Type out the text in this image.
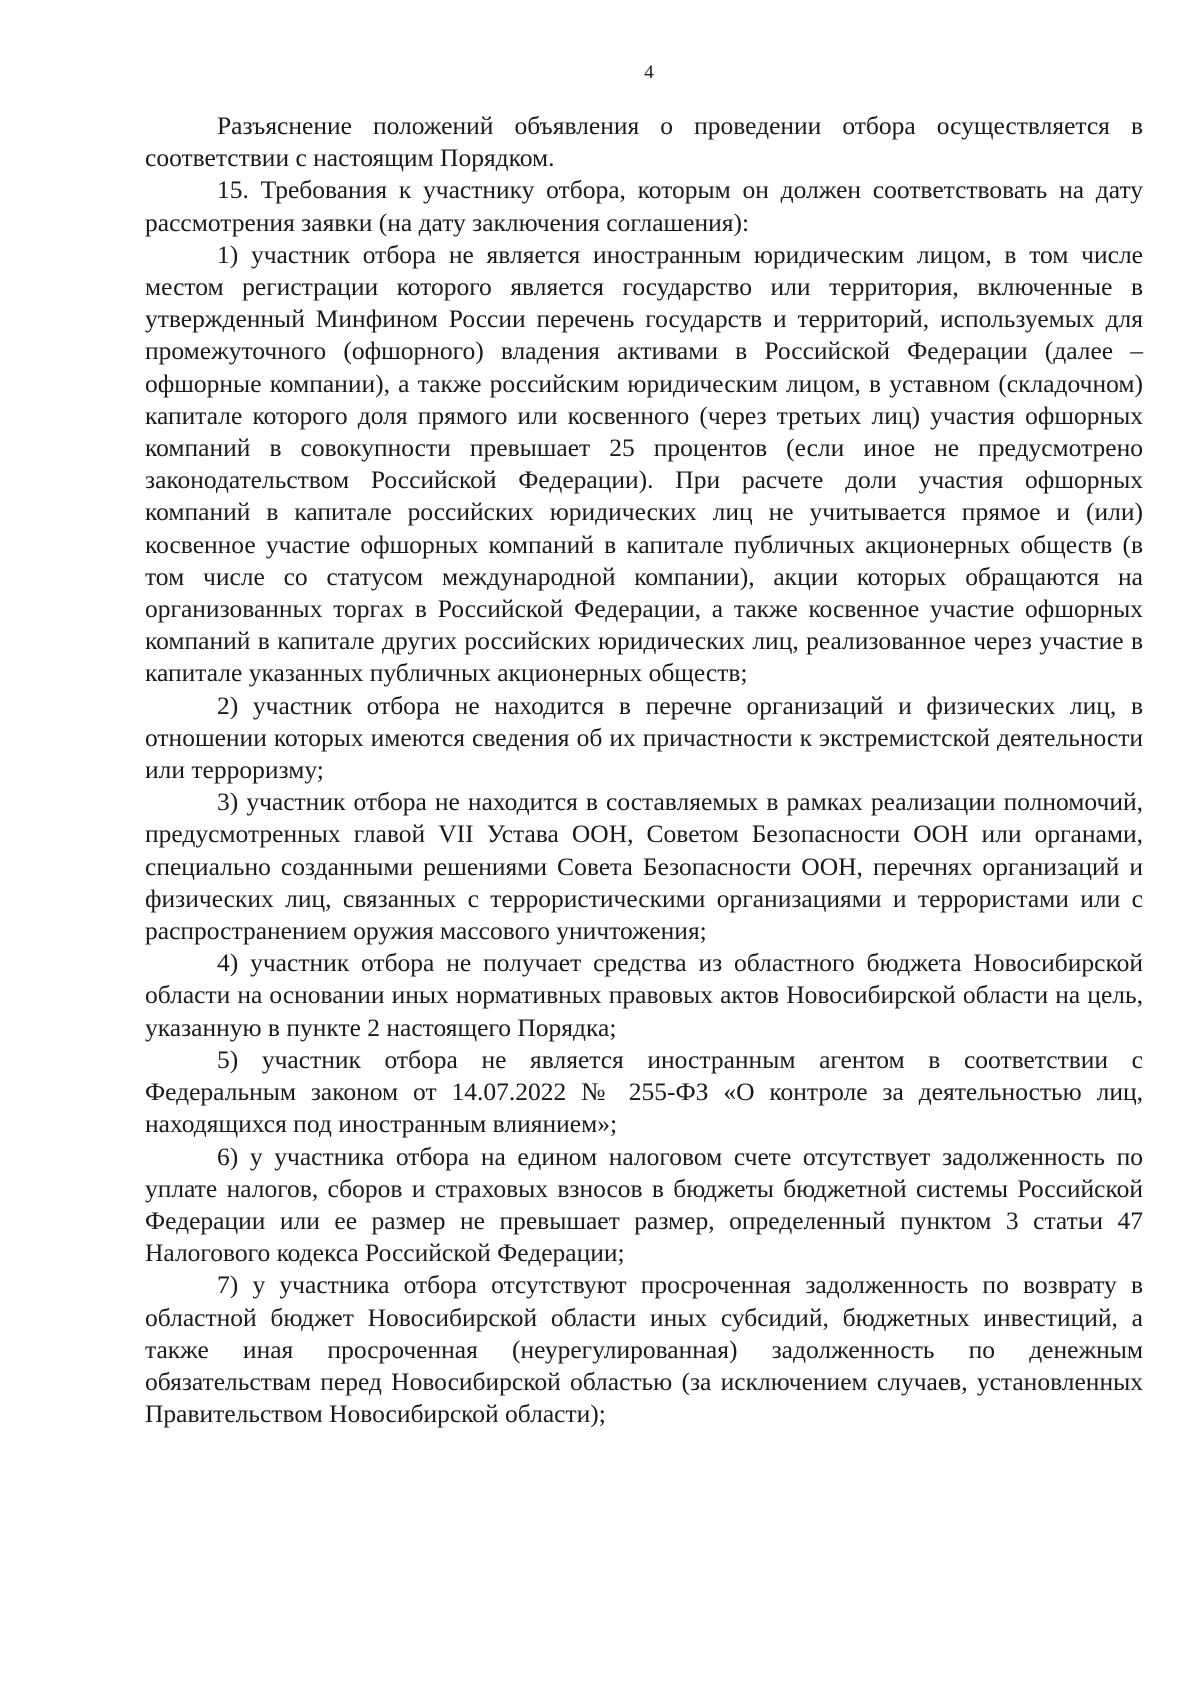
4

Разъяснение положений объявления о проведении отбора осуществляется в соответствии с настоящим Порядком.

15. Требования к участнику отбора, которым он должен соответствовать на дату рассмотрения заявки (на дату заключения соглашения):

1) участник отбора не является иностранным юридическим лицом, в том числе местом регистрации которого является государство или территория, включенные в утвержденный Минфином России перечень государств и территорий, используемых для промежуточного (офшорного) владения активами в Российской Федерации (далее – офшорные компании), а также российским юридическим лицом, в уставном (складочном) капитале которого доля прямого или косвенного (через третьих лиц) участия офшорных компаний в совокупности превышает 25 процентов (если иное не предусмотрено законодательством Российской Федерации). При расчете доли участия офшорных компаний в капитале российских юридических лиц не учитывается прямое и (или) косвенное участие офшорных компаний в капитале публичных акционерных обществ (в том числе со статусом международной компании), акции которых обращаются на организованных торгах в Российской Федерации, а также косвенное участие офшорных компаний в капитале других российских юридических лиц, реализованное через участие в капитале указанных публичных акционерных обществ;

2) участник отбора не находится в перечне организаций и физических лиц, в отношении которых имеются сведения об их причастности к экстремистской деятельности или терроризму;

3) участник отбора не находится в составляемых в рамках реализации полномочий, предусмотренных главой VII Устава ООН, Советом Безопасности ООН или органами, специально созданными решениями Совета Безопасности ООН, перечнях организаций и физических лиц, связанных с террористическими организациями и террористами или с распространением оружия массового уничтожения;

4) участник отбора не получает средства из областного бюджета Новосибирской области на основании иных нормативных правовых актов Новосибирской области на цель, указанную в пункте 2 настоящего Порядка;

5) участник отбора не является иностранным агентом в соответствии с Федеральным законом от 14.07.2022 № 255-ФЗ «О контроле за деятельностью лиц, находящихся под иностранным влиянием»;

6) у участника отбора на едином налоговом счете отсутствует задолженность по уплате налогов, сборов и страховых взносов в бюджеты бюджетной системы Российской Федерации или ее размер не превышает размер, определенный пунктом 3 статьи 47 Налогового кодекса Российской Федерации;

7) у участника отбора отсутствуют просроченная задолженность по возврату в областной бюджет Новосибирской области иных субсидий, бюджетных инвестиций, а также иная просроченная (неурегулированная) задолженность по денежным обязательствам перед Новосибирской областью (за исключением случаев, установленных Правительством Новосибирской области);
